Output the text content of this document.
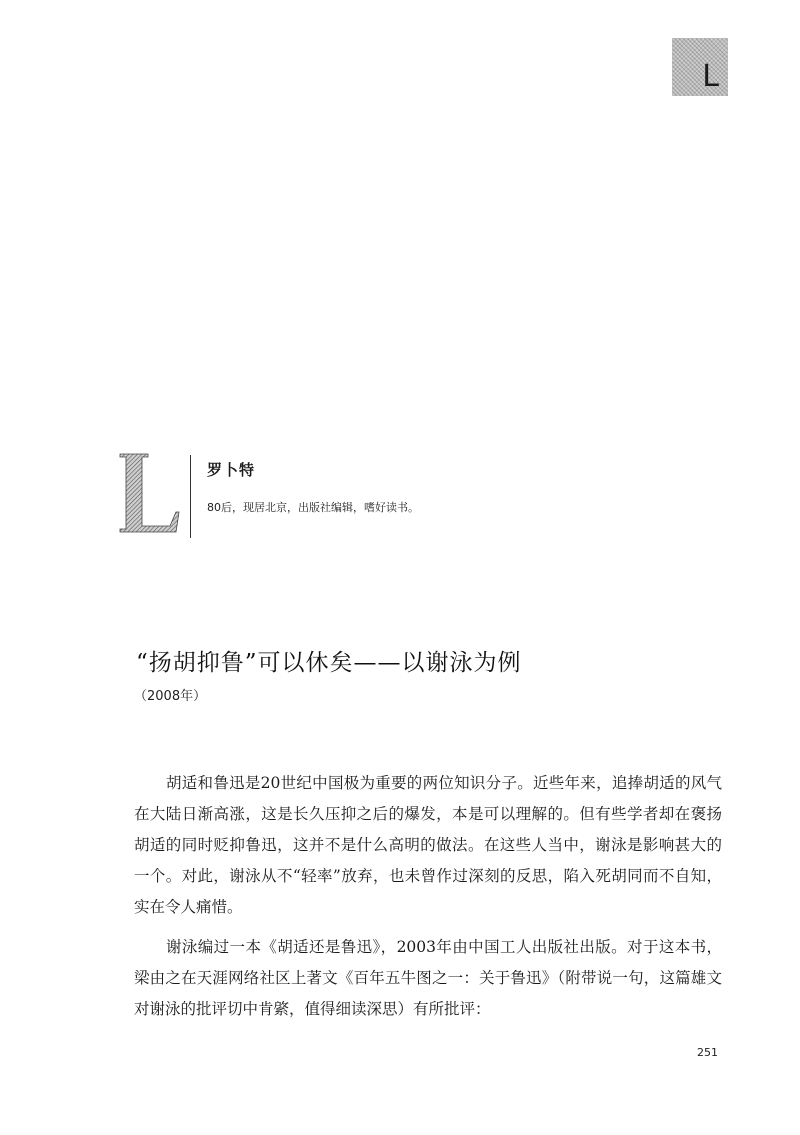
L
罗卜特
80后，现居北京，出版社编辑，嗜好读书。
“扬胡抑鲁”可以休矣——以谢泳为例
（2008年）

胡适和鲁迅是20世纪中国极为重要的两位知识分子。近些年来，追捧胡适的风气在大陆日渐高涨，这是长久压抑之后的爆发，本是可以理解的。但有些学者却在褒扬胡适的同时贬抑鲁迅，这并不是什么高明的做法。在这些人当中，谢泳是影响甚大的一个。对此，谢泳从不“轻率”放弃，也未曾作过深刻的反思，陷入死胡同而不自知，实在令人痛惜。

谢泳编过一本《胡适还是鲁迅》，2003年由中国工人出版社出版。对于这本书，梁由之在天涯网络社区上著文《百年五牛图之一：关于鲁迅》（附带说一句，这篇雄文对谢泳的批评切中肯綮，值得细读深思）有所批评：

251
